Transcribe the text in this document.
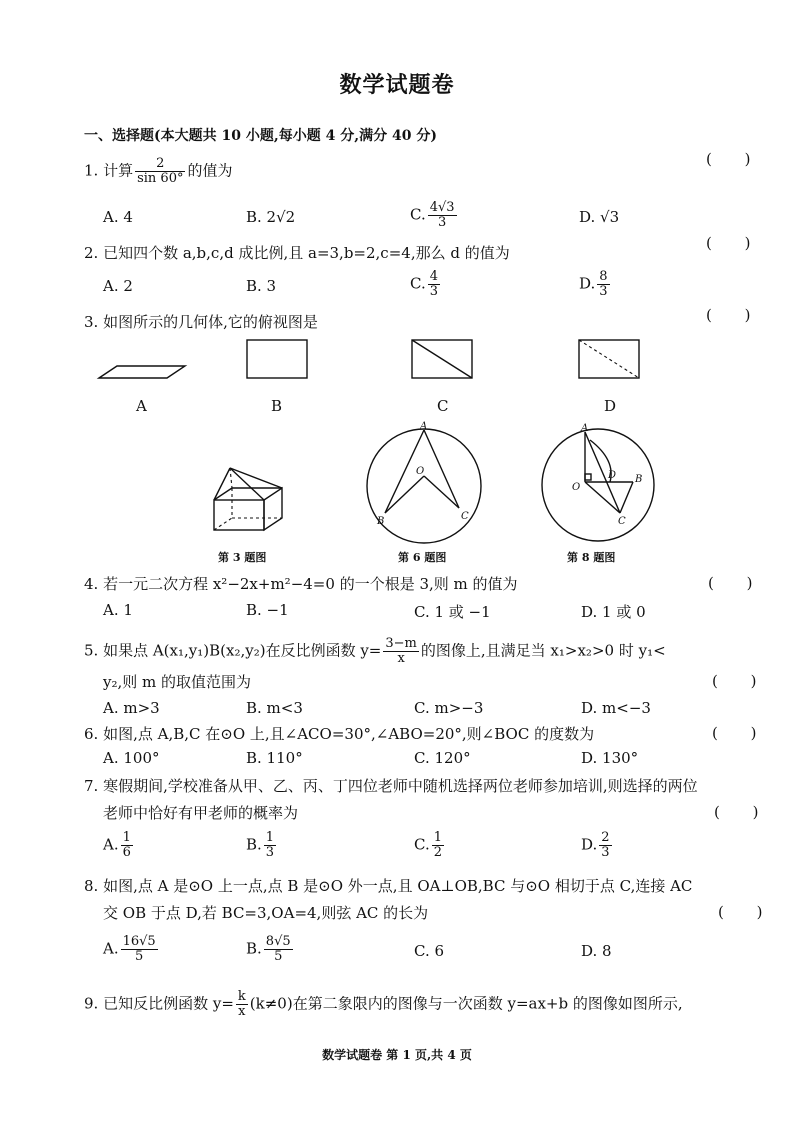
数学试题卷
一、选择题(本大题共 10 小题,每小题 4 分,满分 40 分)
1. 计算 $\frac{2}{\sin 60^\circ}$ 的值为
( )
A. 4	B. 2√2	C. $\frac{4√3}{3}$	D. √3
2. 已知四个数 a,b,c,d 成比例,且 a=3,b=2,c=4,那么 d 的值为
( )
A. 2	B. 3	C. $\frac{4}{3}$	D. $\frac{8}{3}$
3. 如图所示的几何体,它的俯视图是	( )
A	B	C	D
A
O
B	C
A
O
D B
C
第 3 题图	第 6 题图	第 8 题图
4. 若一元二次方程 x²−2x+m²−4=0 的一个根是 3,则 m 的值为	( )
A. 1	B. −1	C. 1 或 −1	D. 1 或 0
5. 如果点 A(x₁,y₁)B(x₂,y₂)在反比例函数 $y= \frac{3-m}{x}$ 的图像上,且满足当 x₁>x₂>0 时 y₁<
y₂,则 m 的取值范围为	( )
A. m>3	B. m<3	C. m>−3	D. m<−3
6. 如图,点 A,B,C 在⊙O 上,且∠ACO=30°,∠ABO=20°,则∠BOC 的度数为	( )
A. 100°	B. 110°	C. 120°	D. 130°
7. 寒假期间,学校准备从甲、乙、丙、丁四位老师中随机选择两位老师参加培训,则选择的两位
老师中恰好有甲老师的概率为	( )
A. $\frac{1}{6}$	B. $\frac{1}{3}$	C. $\frac{1}{2}$	D. $\frac{2}{3}$
8. 如图,点 A 是⊙O 上一点,点 B 是⊙O 外一点,且 OA⊥OB,BC 与⊙O 相切于点 C,连接 AC
交 OB 于点 D,若 BC=3,OA=4,则弦 AC 的长为	( )
A. $\frac{16√5}{5}$	B. $\frac{8√5}{5}$	C. 6	D. 8
9. 已知反比例函数 $y= \frac{k}{x} (k\ne 0)$在第二象限内的图像与一次函数 y=ax+b 的图像如图所示,
数学试题卷 第 1 页,共 4 页
